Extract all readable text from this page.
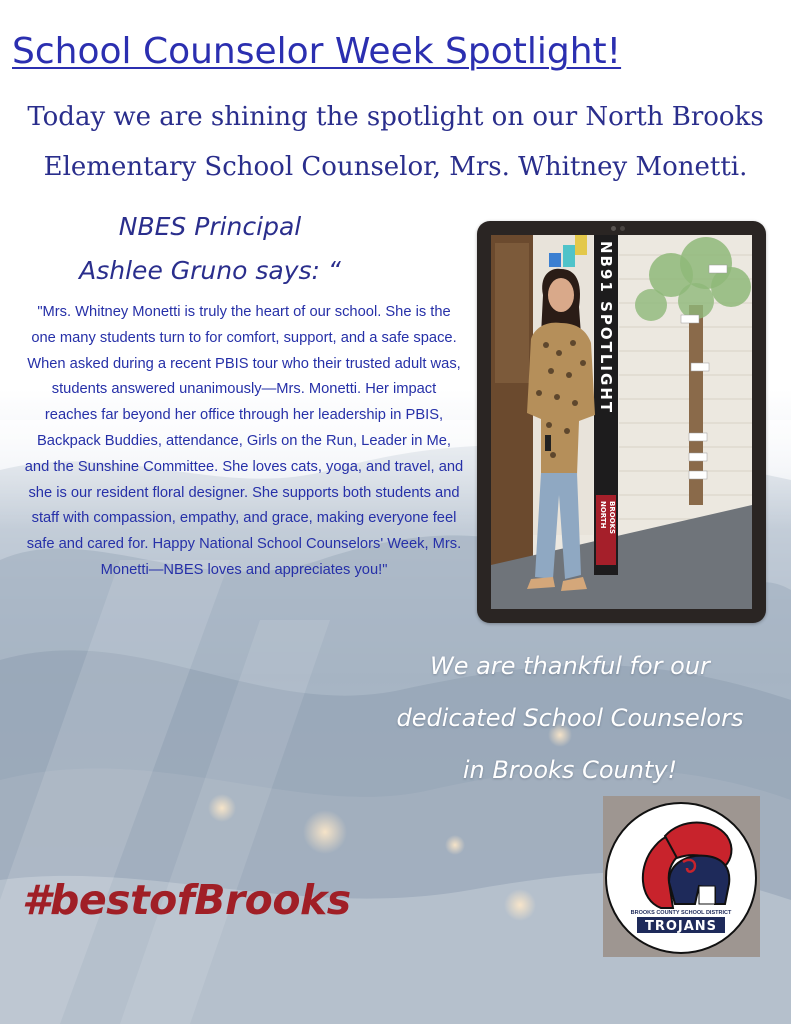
School Counselor Week Spotlight!
Today we are shining the spotlight on our North Brooks
Elementary School Counselor, Mrs. Whitney Monetti.
NBES Principal
Ashlee Gruno says: “

"Mrs. Whitney Monetti is truly the heart of our school. She is the one many students turn to for comfort, support, and a safe space. When asked during a recent PBIS tour who their trusted adult was, students answered unanimously—Mrs. Monetti. Her impact reaches far beyond her office through her leadership in PBIS, Backpack Buddies, attendance, Girls on the Run, Leader in Me, and the Sunshine Committee. She loves cats, yoga, and travel, and she is our resident floral designer. She supports both students and staff with compassion, empathy, and grace, making everyone feel safe and cared for. Happy National School Counselors' Week, Mrs. Monetti—NBES loves and appreciates you!"

NB91 SPOTLIGHT
NORTH BROOKS
We are thankful for our
dedicated School Counselors
in Brooks County!
#bestofBrooks	BROOKS COUNTY SCHOOL DISTRICT
TROJANS
